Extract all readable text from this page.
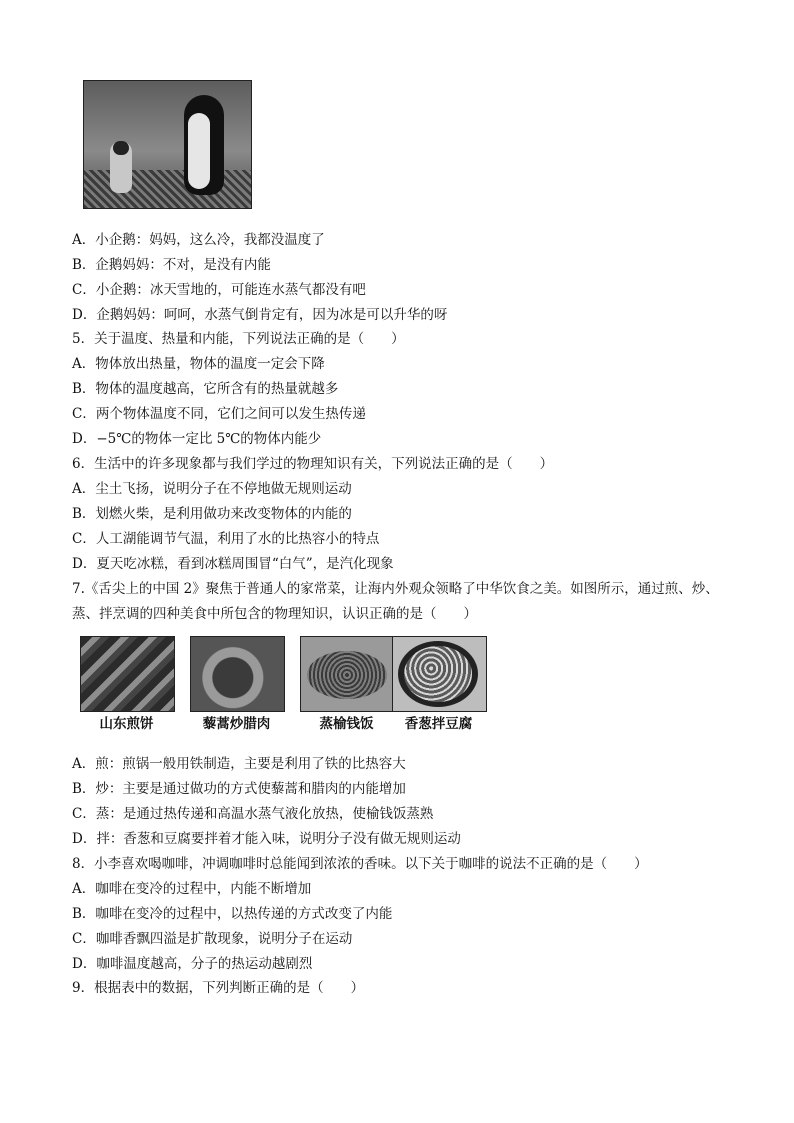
A．小企鹅：妈妈，这么冷，我都没温度了
B．企鹅妈妈：不对，是没有内能
C．小企鹅：冰天雪地的，可能连水蒸气都没有吧
D．企鹅妈妈：呵呵，水蒸气倒肯定有，因为冰是可以升华的呀
5．关于温度、热量和内能，下列说法正确的是（　　）
A．物体放出热量，物体的温度一定会下降
B．物体的温度越高，它所含有的热量就越多
C．两个物体温度不同，它们之间可以发生热传递
D．−5℃的物体一定比 5℃的物体内能少
6．生活中的许多现象都与我们学过的物理知识有关，下列说法正确的是（　　）
A．尘土飞扬，说明分子在不停地做无规则运动
B．划燃火柴，是利用做功来改变物体的内能的
C．人工湖能调节气温，利用了水的比热容小的特点
D．夏天吃冰糕，看到冰糕周围冒“白气”，是汽化现象
7.《舌尖上的中国 2》聚焦于普通人的家常菜，让海内外观众领略了中华饮食之美。如图所示，通过煎、炒、
蒸、拌烹调的四种美食中所包含的物理知识，认识正确的是（　　）
山东煎饼	藜蒿炒腊肉	蒸榆钱饭	香葱拌豆腐
A．煎：煎锅一般用铁制造，主要是利用了铁的比热容大
B．炒：主要是通过做功的方式使藜蒿和腊肉的内能增加
C．蒸：是通过热传递和高温水蒸气液化放热，使榆钱饭蒸熟
D．拌：香葱和豆腐要拌着才能入味，说明分子没有做无规则运动
8．小李喜欢喝咖啡，冲调咖啡时总能闻到浓浓的香味。以下关于咖啡的说法不正确的是（　　）
A．咖啡在变冷的过程中，内能不断增加
B．咖啡在变冷的过程中，以热传递的方式改变了内能
C．咖啡香飘四溢是扩散现象，说明分子在运动
D．咖啡温度越高，分子的热运动越剧烈
9．根据表中的数据，下列判断正确的是（　　）
